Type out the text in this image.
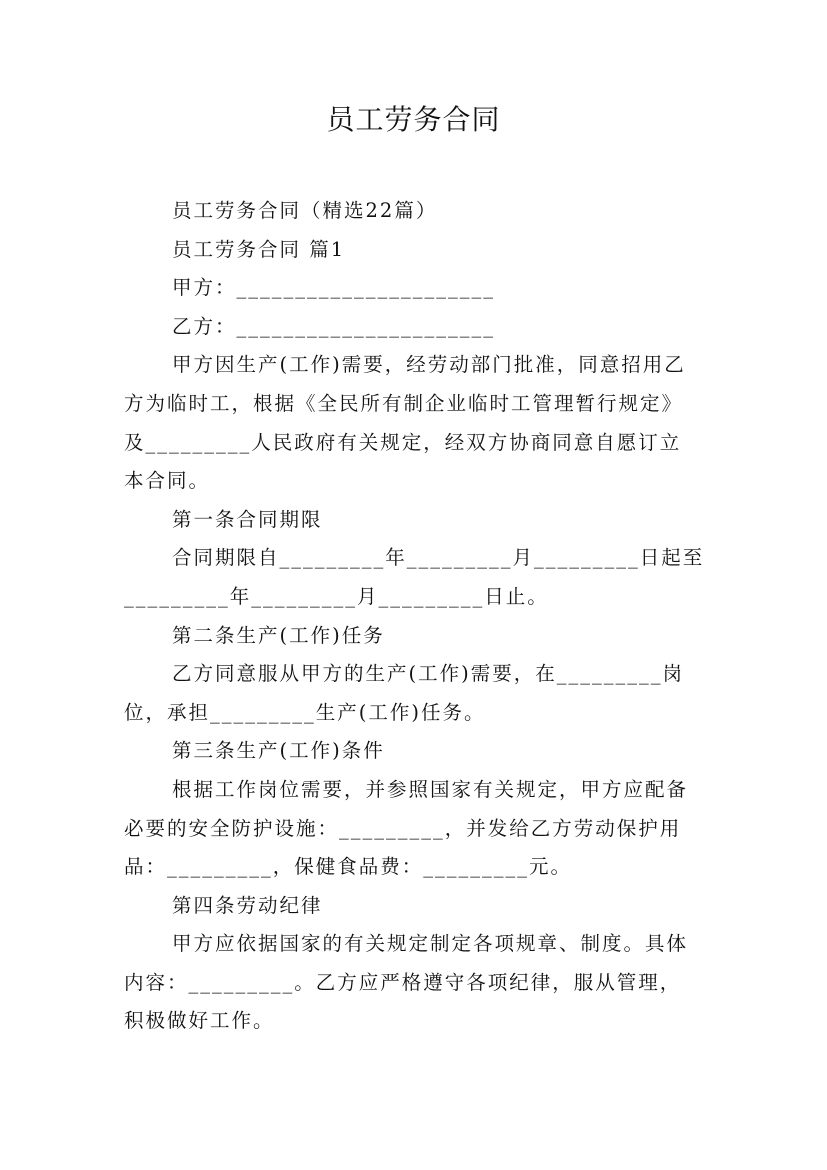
员工劳务合同
员工劳务合同（精选22篇）
员工劳务合同 篇1
甲方：______________________
乙方：______________________
甲方因生产(工作)需要，经劳动部门批准，同意招用乙
方为临时工，根据《全民所有制企业临时工管理暂行规定》
及_________人民政府有关规定，经双方协商同意自愿订立
本合同。
第一条合同期限
合同期限自_________年_________月_________日起至
_________年_________月_________日止。
第二条生产(工作)任务
乙方同意服从甲方的生产(工作)需要，在_________岗
位，承担_________生产(工作)任务。
第三条生产(工作)条件
根据工作岗位需要，并参照国家有关规定，甲方应配备
必要的安全防护设施：_________，并发给乙方劳动保护用
品：_________，保健食品费：_________元。
第四条劳动纪律
甲方应依据国家的有关规定制定各项规章、制度。具体
内容：_________。乙方应严格遵守各项纪律，服从管理，
积极做好工作。
